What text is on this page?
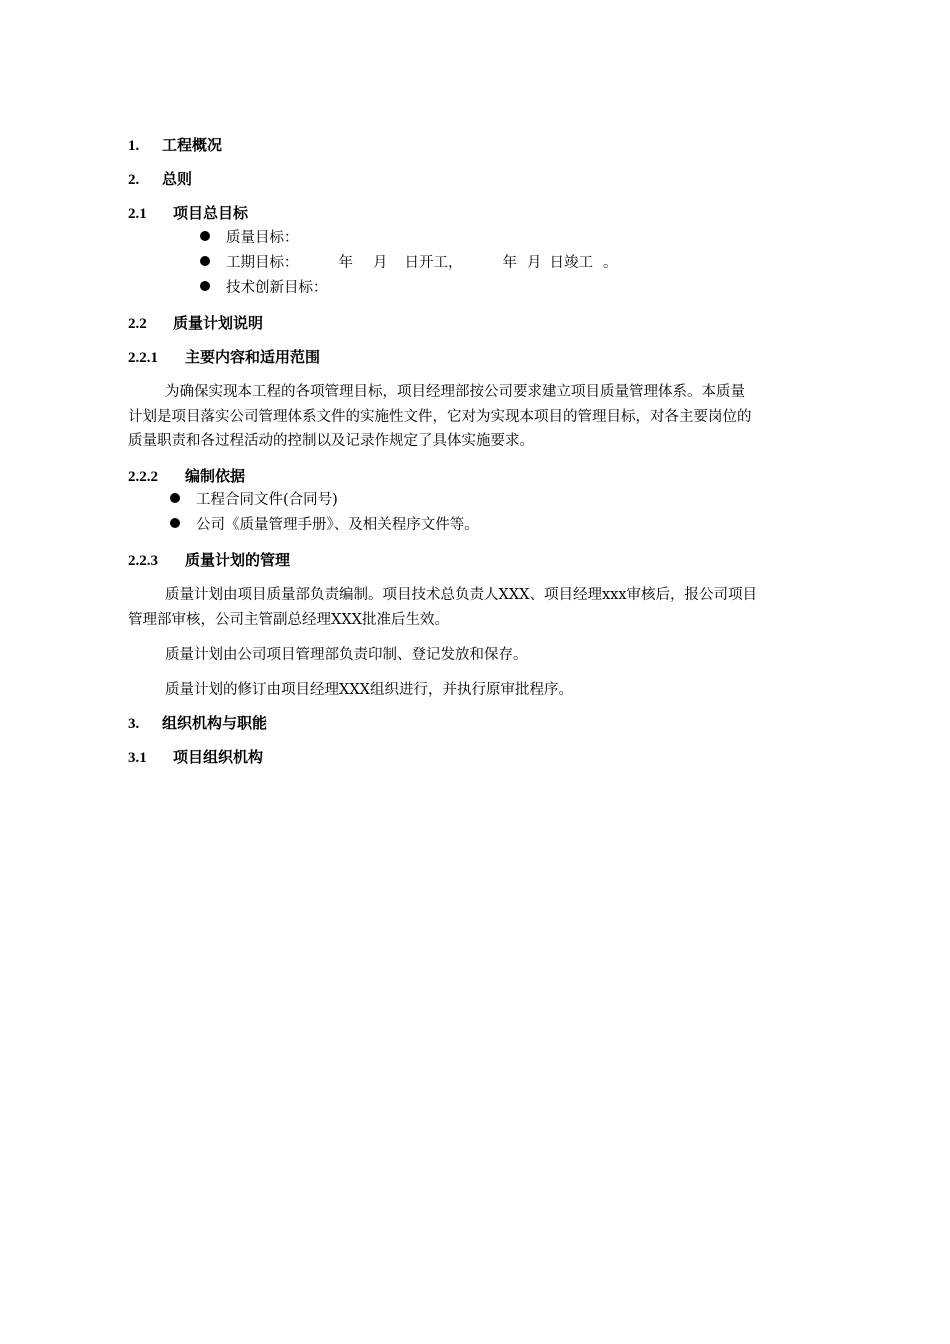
1. 工程概况
2. 总则
2.1 项目总目标
质量目标：
工期目标：	年 月 日开工，	年 月 日竣工 。
技术创新目标：
2.2 质量计划说明
2.2.1 主要内容和适用范围
为确保实现本工程的各项管理目标，项目经理部按公司要求建立项目质量管理体系。本质量
计划是项目落实公司管理体系文件的实施性文件，它对为实现本项目的管理目标，对各主要岗位的
质量职责和各过程活动的控制以及记录作规定了具体实施要求。
2.2.2 编制依据
工程合同文件(合同号)
公司《质量管理手册》、及相关程序文件等。
2.2.3 质量计划的管理
质量计划由项目质量部负责编制。项目技术总负责人XXX、项目经理xxx审核后，报公司项目
管理部审核，公司主管副总经理XXX批准后生效。
质量计划由公司项目管理部负责印制、登记发放和保存。
质量计划的修订由项目经理XXX组织进行，并执行原审批程序。
3. 组织机构与职能
3.1 项目组织机构
